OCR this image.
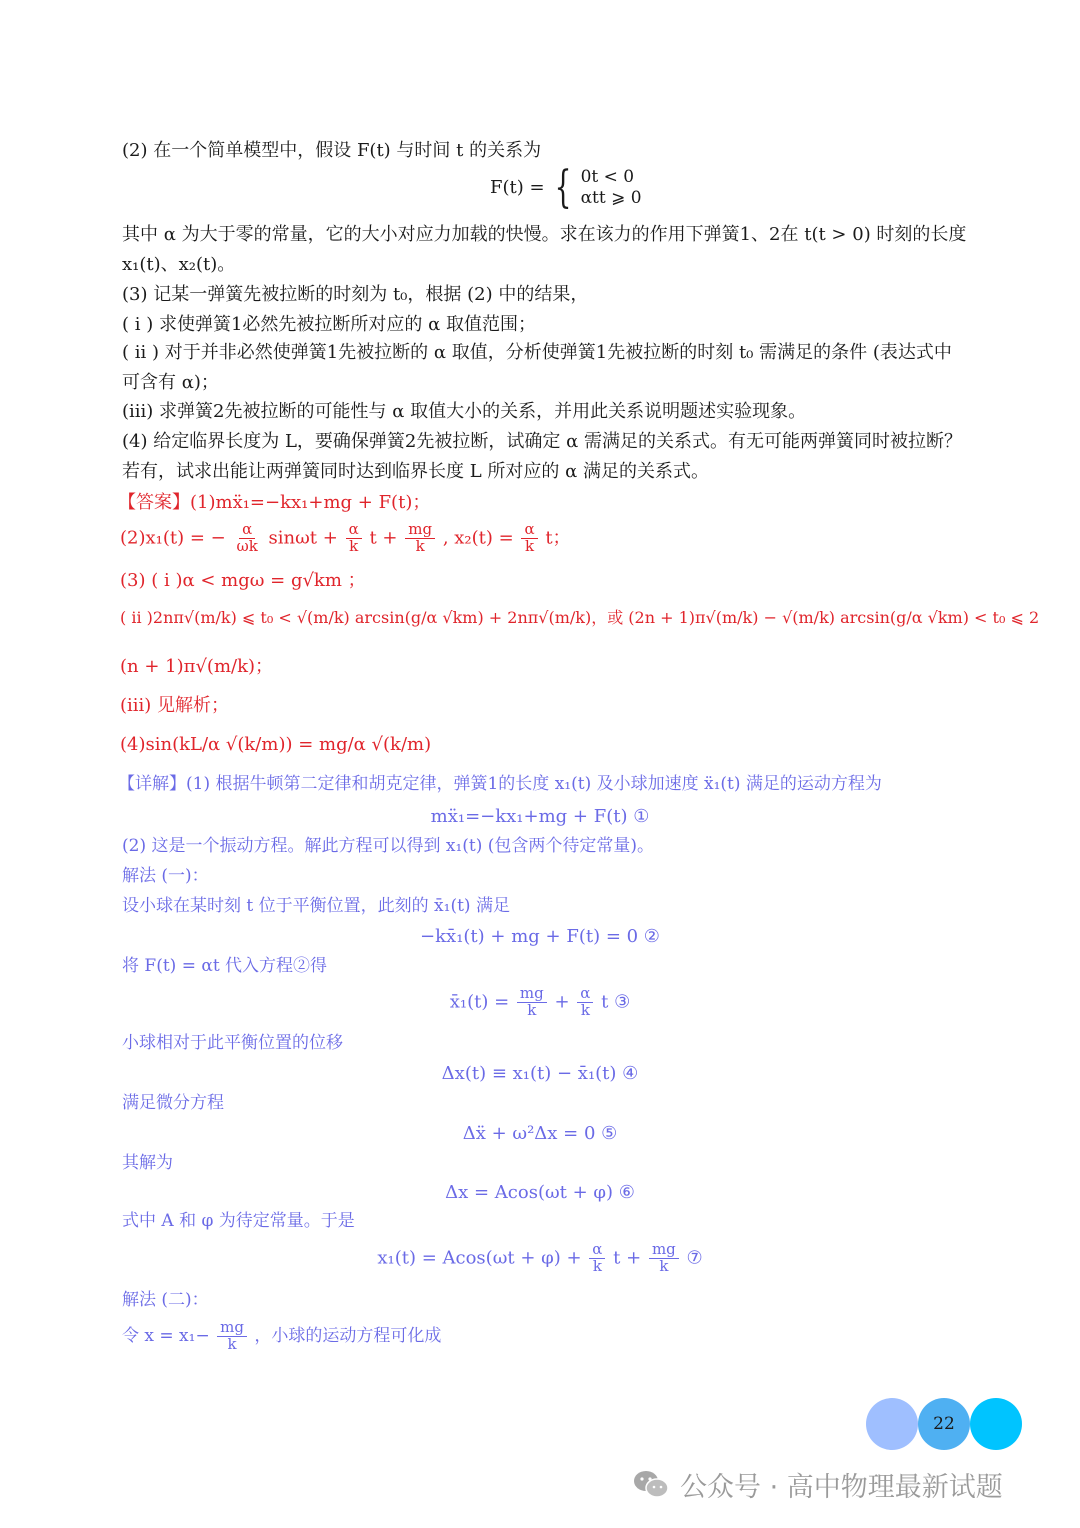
(2) 在一个简单模型中，假设 F(t) 与时间 t 的关系为
F(t) = { 0t < 0
αtt ⩾ 0
其中 α 为大于零的常量，它的大小对应力加载的快慢。求在该力的作用下弹簧1、2在 t(t > 0) 时刻的长度
x₁(t)、x₂(t)。
(3) 记某一弹簧先被拉断的时刻为 t₀，根据 (2) 中的结果，
( i ) 求使弹簧1必然先被拉断所对应的 α 取值范围；
( ii ) 对于并非必然使弹簧1先被拉断的 α 取值，分析使弹簧1先被拉断的时刻 t₀ 需满足的条件 (表达式中
可含有 α)；
(iii) 求弹簧2先被拉断的可能性与 α 取值大小的关系，并用此关系说明题述实验现象。
(4) 给定临界长度为 L，要确保弹簧2先被拉断，试确定 α 需满足的关系式。有无可能两弹簧同时被拉断？
若有，试求出能让两弹簧同时达到临界长度 L 所对应的 α 满足的关系式。
【答案】(1)mẍ₁=−kx₁+mg + F(t)；
(2)x₁(t) = − $\frac{\alpha}{\omega k}$ $\sin\omega t + \frac{\alpha}{k}$ $t + \frac{mg}{k}$ , $x_2(t) = \frac{\alpha}{k}$ t；
(3) ( i )α < mgω = g√km ；
( ii )2nπ√(m/k) ⩽ t₀ < √(m/k) arcsin(g/α √km) + 2nπ√(m/k)，或 (2n + 1)π√(m/k) − √(m/k) arcsin(g/α √km) < t₀ ⩽ 2
(n + 1)π√(m/k)；
(iii) 见解析；
(4)sin(kL/α √(k/m)) = mg/α √(k/m)
【详解】(1) 根据牛顿第二定律和胡克定律，弹簧1的长度 x₁(t) 及小球加速度 ẍ₁(t) 满足的运动方程为
mẍ₁=−kx₁+mg + F(t) ①
(2) 这是一个振动方程。解此方程可以得到 x₁(t) (包含两个待定常量)。
解法 (一)：
设小球在某时刻 t 位于平衡位置，此刻的 x̄₁(t) 满足
−kx̄₁(t) + mg + F(t) = 0 ②
将 F(t) = αt 代入方程②得
x̄₁(t) = $\frac{mg}{k} + \frac{\alpha}{k}$ t ③
小球相对于此平衡位置的位移
Δx(t) ≡ x₁(t) − x̄₁(t) ④
满足微分方程
Δẍ + ω²Δx = 0 ⑤
其解为
Δx = Acos(ωt + φ) ⑥
式中 A 和 φ 为待定常量。于是
$x_1(t) = Acos(\omega t + \varphi) + \frac{\alpha}{k}$ $t + \frac{mg}{k}$ ⑦
解法 (二)：
令 $x = x_1- \frac{mg}{k}$ ，小球的运动方程可化成
22
公众号 · 高中物理最新试题
